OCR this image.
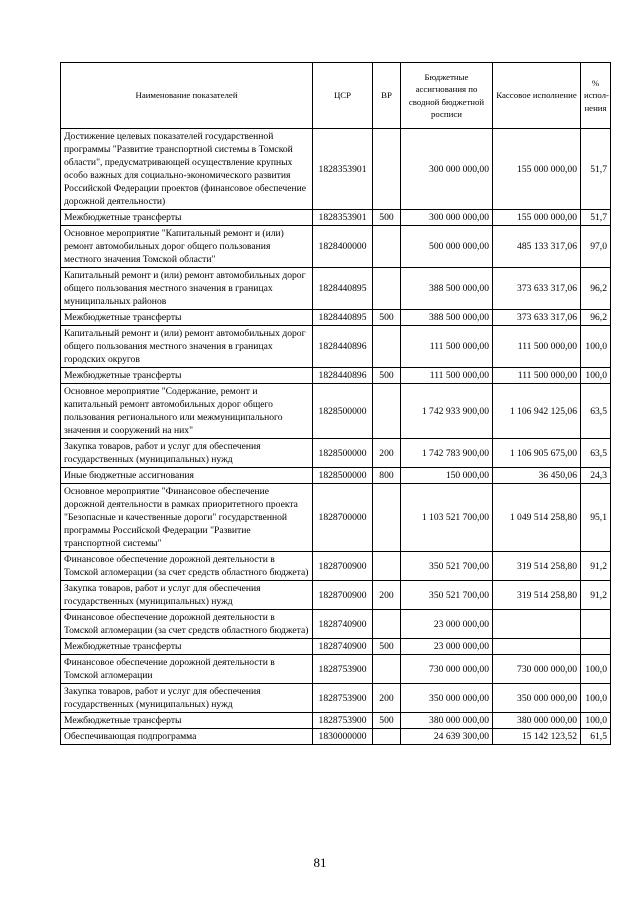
Наименование показателей	ЦСР	ВР	Бюджетные ассигнования по сводной бюджетной росписи	Кассовое исполнение	% испол-нения
Достижение целевых показателей государственной программы "Развитие транспортной системы в Томской области", предусматривающей осуществление крупных особо важных для социально-экономического развития Российской Федерации проектов (финансовое обеспечение дорожной деятельности)	1828353901		300 000 000,00	155 000 000,00	51,7
Межбюджетные трансферты	1828353901	500	300 000 000,00	155 000 000,00	51,7
Основное мероприятие "Капитальный ремонт и (или) ремонт автомобильных дорог общего пользования местного значения Томской области"	1828400000		500 000 000,00	485 133 317,06	97,0
Капитальный ремонт и (или) ремонт автомобильных дорог общего пользования местного значения в границах муниципальных районов	1828440895		388 500 000,00	373 633 317,06	96,2
Межбюджетные трансферты	1828440895	500	388 500 000,00	373 633 317,06	96,2
Капитальный ремонт и (или) ремонт автомобильных дорог общего пользования местного значения в границах городских округов	1828440896		111 500 000,00	111 500 000,00	100,0
Межбюджетные трансферты	1828440896	500	111 500 000,00	111 500 000,00	100,0
Основное мероприятие "Содержание, ремонт и капитальный ремонт автомобильных дорог общего пользования регионального или межмуниципального значения и сооружений на них"	1828500000		1 742 933 900,00	1 106 942 125,06	63,5
Закупка товаров, работ и услуг для обеспечения государственных (муниципальных) нужд	1828500000	200	1 742 783 900,00	1 106 905 675,00	63,5
Иные бюджетные ассигнования	1828500000	800	150 000,00	36 450,06	24,3
Основное мероприятие "Финансовое обеспечение дорожной деятельности в рамках приоритетного проекта "Безопасные и качественные дороги" государственной программы Российской Федерации "Развитие транспортной системы"	1828700000		1 103 521 700,00	1 049 514 258,80	95,1
Финансовое обеспечение дорожной деятельности в Томской агломерации (за счет средств областного бюджета)	1828700900		350 521 700,00	319 514 258,80	91,2
Закупка товаров, работ и услуг для обеспечения государственных (муниципальных) нужд	1828700900	200	350 521 700,00	319 514 258,80	91,2
Финансовое обеспечение дорожной деятельности в Томской агломерации (за счет средств областного бюджета)	1828740900		23 000 000,00		
Межбюджетные трансферты	1828740900	500	23 000 000,00		
Финансовое обеспечение дорожной деятельности в Томской агломерации	1828753900		730 000 000,00	730 000 000,00	100,0
Закупка товаров, работ и услуг для обеспечения государственных (муниципальных) нужд	1828753900	200	350 000 000,00	350 000 000,00	100,0
Межбюджетные трансферты	1828753900	500	380 000 000,00	380 000 000,00	100,0
Обеспечивающая подпрограмма	1830000000		24 639 300,00	15 142 123,52	61,5
81
